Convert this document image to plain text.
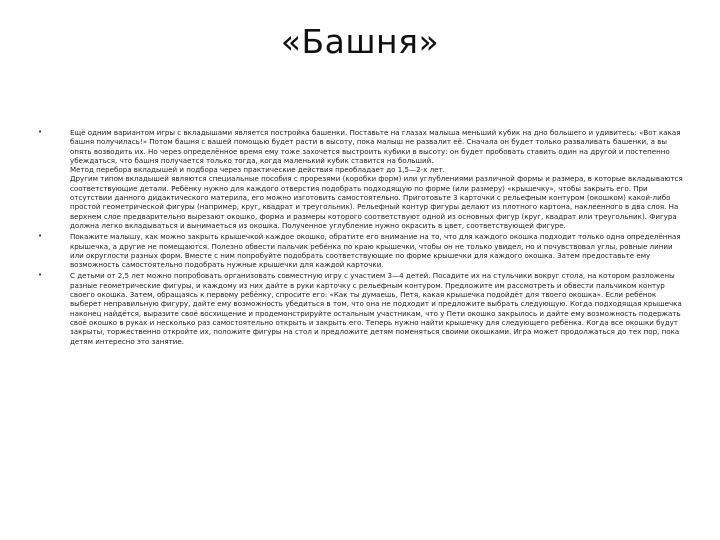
«Башня»
•	Ещё одним вариантом игры с вкладышами является постройка башенки. Поставьте на глазах малыша меньший кубик на дно большего и удивитесь: «Вот какая башня получилась!» Потом башня с вашей помощью будет расти в высоту, пока малыш не развалит её. Сначала он будет только разваливать башенки, а вы опять возводить их. Но через определённое время ему тоже захочется выстроить кубики в высоту: он будет пробовать ставить один на другой и постепенно убеждаться, что башня получается только тогда, когда маленький кубик ставится на больший.
Метод перебора вкладышей и подбора через практические действия преобладает до 1,5—2-х лет.
Другим типом вкладышей являются специальные пособия с прорезями (коробки форм) или углублениями различной формы и размера, в которые вкладываются соответствующие детали. Ребёнку нужно для каждого отверстия подобрать подходящую по форме (или размеру) «крышечку», чтобы закрыть его. При отсутствии данного дидактического материла, его можно изготовить самостоятельно. Приготовьте 3 карточки с рельефным контуром (окошком) какой-либо простой геометрической фигуры (например, круг, квадрат и треугольник). Рельефный контур фигуры делают из плотного картона, наклеенного в два слоя. На верхнем слое предварительно вырезают окошко, форма и размеры которого соответствуют одной из основных фигур (круг, квадрат или треугольник). Фигура должна легко вкладываться и вынимаеться из окошка. Полученное углубление нужно окрасить в цвет, соответствующей фигуре.
•	Покажите малышу, как можно закрыть крышечкой каждое окошко, обратите его внимание на то, что для каждого окошка подходит только одна определённая крышечка, а другие не помещаются. Полезно обвести пальчик ребёнка по краю крышечки, чтобы он не только увидел, но и почувствовал углы, ровные линии или округлости разных форм. Вместе с ним попробуйте подобрать соответствующие по форме крышечки для каждого окошка. Затем предоставьте ему возможность самостоятельно подобрать нужные крышечки для каждой карточки.
•	С детьми от 2,5 лет можно попробовать организовать совместную игру с участием 3—4 детей. Посадите их на стульчики вокруг стола, на котором разложены разные геометрические фигуры, и каждому из них дайте в руки карточку с рельефным контуром. Предложите им рассмотреть и обвести пальчиком контур своего окошка. Затем, обращаясь к первому ребёнку, спросите его: «Как ты думаешь, Петя, какая крышечка подойдёт для твоего окошка». Если ребёнок выберет неправильную фигуру, дайте ему возможность убедиться в том, что она не подходит и предложите выбрать следующую. Когда подходящая крышечка наконец найдётся, выразите своё восхищение и продемонстрируйте остальным участникам, что у Пети окошко закрылось и дайте ему возможность подержать своё окошко в руках и несколько раз самостоятельно открыть и закрыть его. Теперь нужно найти крышечку для следующего ребёнка. Когда все окошки будут закрыты, торжественно откройте их, положите фигуры на стол и предложите детям поменяться своими окошками. Игра может продолжаться до тех пор, пока детям интересно это занятие.
